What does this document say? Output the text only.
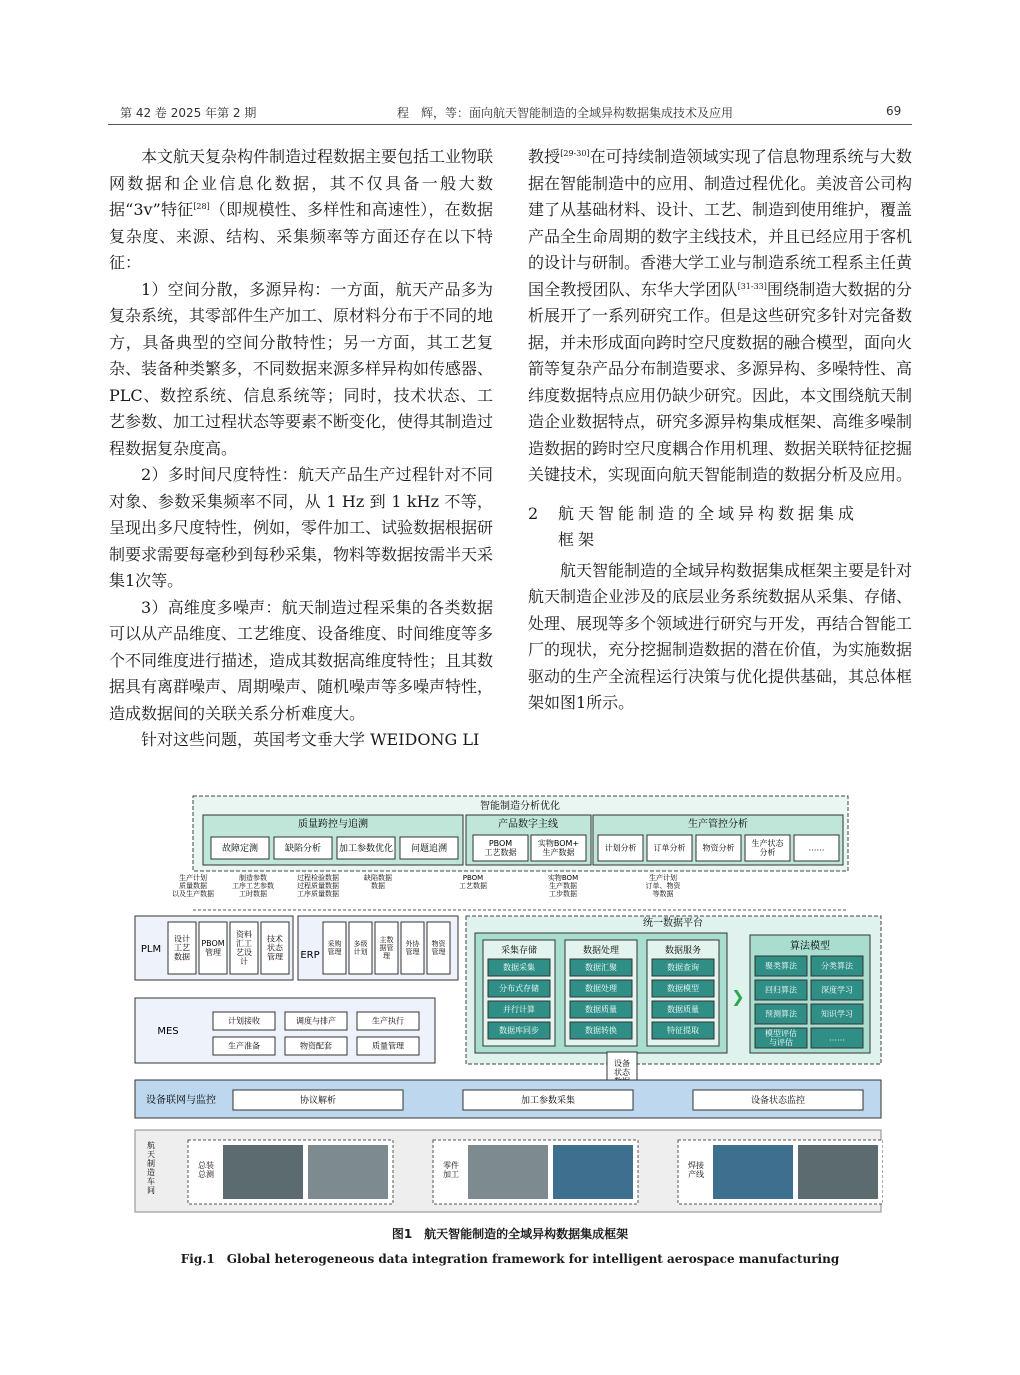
第 42 卷 2025 年第 2 期	程　辉，等：面向航天智能制造的全域异构数据集成技术及应用	69

本文航天复杂构件制造过程数据主要包括工业物联网数据和企业信息化数据，其不仅具备一般大数据“3v”特征[28]（即规模性、多样性和高速性），在数据复杂度、来源、结构、采集频率等方面还存在以下特征：

1）空间分散，多源异构：一方面，航天产品多为复杂系统，其零部件生产加工、原材料分布于不同的地方，具备典型的空间分散特性；另一方面，其工艺复杂、装备种类繁多，不同数据来源多样异构如传感器、PLC、数控系统、信息系统等；同时，技术状态、工艺参数、加工过程状态等要素不断变化，使得其制造过程数据复杂度高。

2）多时间尺度特性：航天产品生产过程针对不同对象、参数采集频率不同，从 1 Hz 到 1 kHz 不等，呈现出多尺度特性，例如，零件加工、试验数据根据研制要求需要每毫秒到每秒采集，物料等数据按需半天采集1次等。

3）高维度多噪声：航天制造过程采集的各类数据可以从产品维度、工艺维度、设备维度、时间维度等多个不同维度进行描述，造成其数据高维度特性；且其数据具有离群噪声、周期噪声、随机噪声等多噪声特性，造成数据间的关联关系分析难度大。

针对这些问题，英国考文垂大学 WEIDONG LI

教授[29-30]在可持续制造领域实现了信息物理系统与大数据在智能制造中的应用、制造过程优化。美波音公司构建了从基础材料、设计、工艺、制造到使用维护，覆盖产品全生命周期的数字主线技术，并且已经应用于客机的设计与研制。香港大学工业与制造系统工程系主任黄国全教授团队、东华大学团队[31-33]围绕制造大数据的分析展开了一系列研究工作。但是这些研究多针对完备数据，并未形成面向跨时空尺度数据的融合模型，面向火箭等复杂产品分布制造要求、多源异构、多噪特性、高纬度数据特点应用仍缺少研究。因此，本文围绕航天制造企业数据特点，研究多源异构集成框架、高维多噪制造数据的跨时空尺度耦合作用机理、数据关联特征挖掘关键技术，实现面向航天智能制造的数据分析及应用。

2 航天智能制造的全域异构数据集成
框架

航天智能制造的全域异构数据集成框架主要是针对航天制造企业涉及的底层业务系统数据从采集、存储、处理、展现等多个领域进行研究与开发，再结合智能工厂的现状，充分挖掘制造数据的潜在价值，为实施数据驱动的生产全流程运行决策与优化提供基础，其总体框架如图1所示。

智能制造分析优化
质量跨控与追溯
故障定测	缺陷分析 加工参数优化 问题追溯
产品数字主线
PBOM
工艺数据
实物BOM+
生产数据
生产管控分析
计划分析 订单分析 物资分析 生产状态
分析	……
生产计划
质量数据
以及生产数据
制造参数
工序工艺参数
工时数据
过程检验数据
过程质量数据
工序质量数据
缺陷数据
数据
PBOM
工艺数据
实物BOM
生产数据
工步数据
生产计划
订单、物资
等数据
PLM
设计
工艺
数据
PBOM
管理
资料
汇工
艺设
计
技术
状态
管理 ERP
采购
管理
多级
计划
主数
据管
理
外协
管理
物资
管理
MES
计划接收	调度与排产	生产执行
生产准备	物资配套	质量管理
统一数据平台
采集存储
数据采集
分布式存储
并行计算
数据库同步
数据处理
数据汇聚
数据处理
数据质量
数据转换
数据服务
数据查询
数据模型
数据质量
特征提取
❯
算法模型
聚类算法	分类算法
回归算法	深度学习
预测算法	知识学习
模型评估
与评估	……
设备
状态
设备联网与监控	协议解析	加工参数采集	设备状态监控
航
天
制
造
车
间
总装
总测
零件
加工
焊接
产线
图1　航天智能制造的全域异构数据集成框架
Fig.1　Global heterogeneous data integration framework for intelligent aerospace manufacturing
